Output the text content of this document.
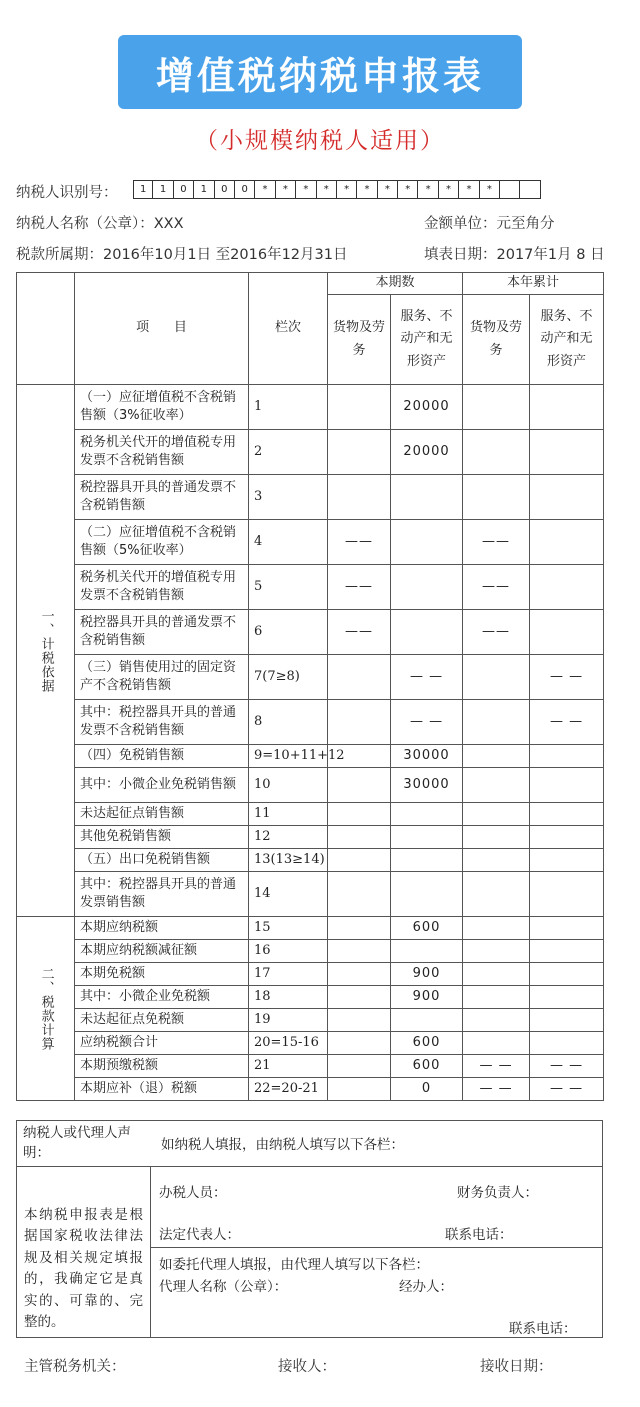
增值税纳税申报表
（小规模纳税人适用）
纳税人识别号：	1	1	0	1	0	0	*	*	*	*	*	*	*	*	*	*	*	*
纳税人名称（公章）：XXX	金额单位：元至角分
税款所属期：2016年10月1日 至2016年12月31日	填表日期：2017年1月 8 日
	项      目	栏次	本期数		本年累计	
			货物及劳务	服务、不动产和无形资产	货物及劳务	服务、不动产和无形资产

一、计税依据	（一）应征增值税不含税销售额（3%征收率）	1		20000		
	税务机关代开的增值税专用发票不含税销售额	2		20000		
	税控器具开具的普通发票不含税销售额	3				
	（二）应征增值税不含税销售额（5%征收率）	4	——		——	
	税务机关代开的增值税专用发票不含税销售额	5	——		——	
	税控器具开具的普通发票不含税销售额	6	——		——	
	（三）销售使用过的固定资产不含税销售额	7(7≥8)		— —		— —
	其中：税控器具开具的普通发票不含税销售额	8		— —		— —
	（四）免税销售额	9=10+11+12		30000		
	其中：小微企业免税销售额	10		30000		
	未达起征点销售额	11				
	其他免税销售额	12				
	（五）出口免税销售额	13(13≥14)				
	其中：税控器具开具的普通发票销售额	14				

二、税款计算	本期应纳税额	15		600		
	本期应纳税额减征额	16				
	本期免税额	17		900		
	其中：小微企业免税额	18		900		
	未达起征点免税额	19				
	应纳税额合计	20=15-16		600		
	本期预缴税额	21		600	— —	— —
	本期应补（退）税额	22=20-21		0	— —	— —
纳税人或代理人声明：	如纳税人填报，由纳税人填写以下各栏：

本纳税申报表是根据国家税收法律法规及相关规定填报的，我确定它是真实的、可靠的、完整的。	
办税人员：	财务负责人：
法定代表人：	联系电话：
如委托代理人填报，由代理人填写以下各栏：
代理人名称（公章）：	经办人：
联系电话：
主管税务机关：	接收人：	接收日期：
